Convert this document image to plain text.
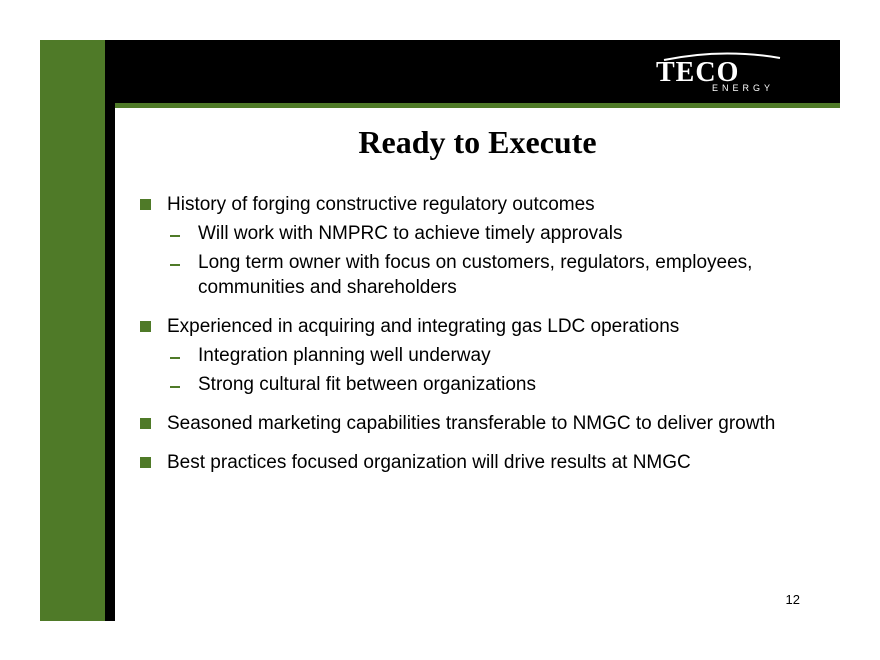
TECO
ENERGY
Ready to Execute
History of forging constructive regulatory outcomes
Will work with NMPRC to achieve timely approvals
Long term owner with focus on customers, regulators, employees, communities and shareholders
Experienced in acquiring and integrating gas LDC operations
Integration planning well underway
Strong cultural fit between organizations
Seasoned marketing capabilities transferable to NMGC to deliver growth
Best practices focused organization will drive results at NMGC
12
